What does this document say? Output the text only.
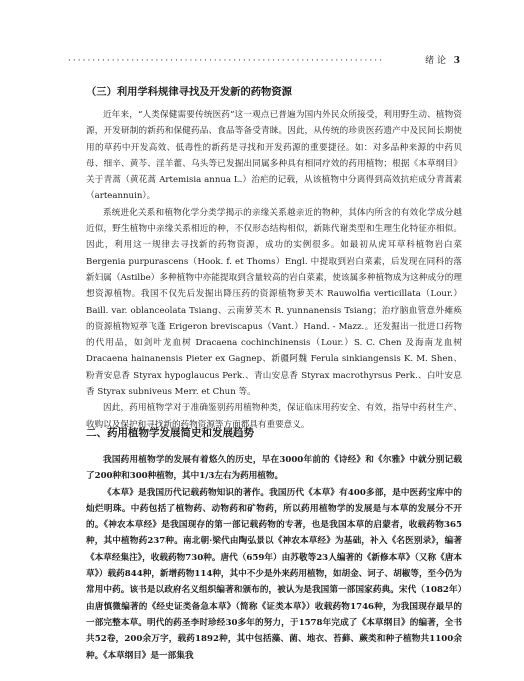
·································································	绪 论 3
（三）利用学科规律寻找及开发新的药物资源

近年来，“人类保健需要传统医药”这一观点已普遍为国内外民众所接受，利用野生动、植物资源，开发研制的新药和保健药品、食品等备受青睐。因此，从传统的珍贵医药遗产中及民间长期使用的草药中开发高效、低毒性的新药是寻找和开发药源的重要捷径。如：对多品种来源的中药贝母、细辛、黄芩、淫羊藿、乌头等已发掘出同属多种具有相同疗效的药用植物；根据《本草纲目》关于青蒿（黄花蒿 Artemisia annua L.）治疟的记载，从该植物中分离得到高效抗疟成分青蒿素（arteannuin）。

系统进化关系和植物化学分类学揭示的亲缘关系越亲近的物种，其体内所含的有效化学成分越近似，野生植物中亲缘关系相近的种，不仅形态结构相似，新陈代谢类型和生理生化特征亦相似。因此，利用这一规律去寻找新的药物资源，成功的实例很多。如最初从虎耳草科植物岩白菜 Bergenia purpurascens（Hook. f. et Thoms）Engl. 中提取到岩白菜素，后发现在同科的落新妇属（Astilbe）多种植物中亦能提取到含量较高的岩白菜素，使该属多种植物成为这种成分的理想资源植物。我国不仅先后发掘出降压药的资源植物萝芙木 Rauwolfia verticillata（Lour.）Baill. var. oblanceolata Tsiang、云南萝芙木 R. yunnanensis Tsiang；治疗脑血管意外瘫痪的资源植物短葶飞蓬 Erigeron breviscapus（Vant.）Hand. - Mazz.。还发掘出一批进口药物的代用品，如剑叶龙血树 Dracaena cochinchinensis（Lour.）S. C. Chen 及海南龙血树 Dracaena hainanensis Pieter ex Gagnep、新疆阿魏 Ferula sinkiangensis K. M. Shen、粉背安息香 Styrax hypoglaucus Perk.、青山安息香 Styrax macrothyrsus Perk.、白叶安息香 Styrax subniveus Merr. et Chun 等。

因此，药用植物学对于准确鉴别药用植物种类，保证临床用药安全、有效，指导中药材生产、收购以及保护和寻找新的药物资源等方面都具有重要意义。

二、药用植物学发展简史和发展趋势

我国药用植物学的发展有着悠久的历史，早在3000年前的《诗经》和《尔雅》中就分别记载了200种和300种植物，其中1/3左右为药用植物。

《本草》是我国历代记载药物知识的著作。我国历代《本草》有400多部，是中医药宝库中的灿烂明珠。中药包括了植物药、动物药和矿物药，所以药用植物学的发展是与本草的发展分不开的。《神农本草经》是我国现存的第一部记载药物的专著，也是我国本草的启蒙者，收载药物365种，其中植物药237种。南北朝·梁代由陶弘景以《神农本草经》为基础，补入《名医别录》，编著《本草经集注》，收载药物730种。唐代（659年）由苏敬等23人编著的《新修本草》（又称《唐本草》）载药844种，新增药物114种，其中不少是外来药用植物，如胡金、诃子、胡椒等，至今仍为常用中药。该书是以政府名义组织编著和颁布的，被认为是我国第一部国家药典。宋代（1082年）由唐慎微编著的《经史证类备急本草》（简称《证类本草》）收载药物1746种，为我国现存最早的一部完整本草。明代的药圣李时珍经30多年的努力，于1578年完成了《本草纲目》的编著，全书共52卷，200余万字，载药1892种，其中包括藻、菌、地衣、苔藓、蕨类和种子植物共1100余种。《本草纲目》是一部集我
